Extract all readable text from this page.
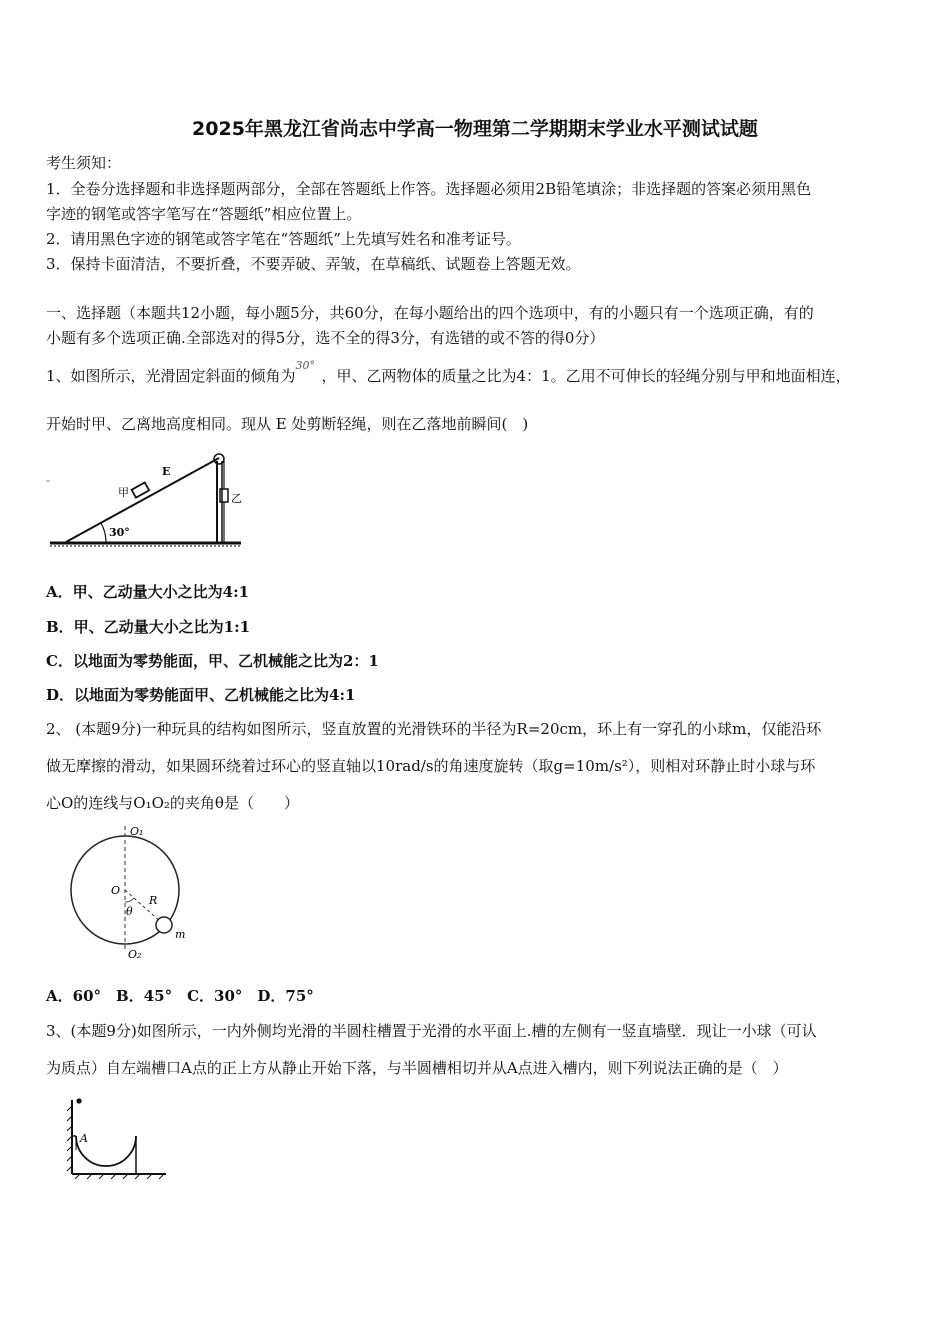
2025年黑龙江省尚志中学高一物理第二学期期末学业水平测试试题
考生须知：
1．全卷分选择题和非选择题两部分，全部在答题纸上作答。选择题必须用2B铅笔填涂；非选择题的答案必须用黑色
字迹的钢笔或答字笔写在“答题纸”相应位置上。
2．请用黑色字迹的钢笔或答字笔在“答题纸”上先填写姓名和准考证号。
3．保持卡面清洁，不要折叠，不要弄破、弄皱，在草稿纸、试题卷上答题无效。
一、选择题（本题共12小题，每小题5分，共60分，在每小题给出的四个选项中，有的小题只有一个选项正确，有的
小题有多个选项正确.全部选对的得5分，选不全的得3分，有选错的或不答的得0分）
1、如图所示，光滑固定斜面的倾角为30°，甲、乙两物体的质量之比为4：1。乙用不可伸长的轻绳分别与甲和地面相连，
开始时甲、乙离地高度相同。现从 E 处剪断轻绳，则在乙落地前瞬间(　)
甲
E
乙
30°
A．甲、乙动量大小之比为4:1
B．甲、乙动量大小之比为1:1
C．以地面为零势能面，甲、乙机械能之比为2：1
D．以地面为零势能面甲、乙机械能之比为4:1
2、 (本题9分)一种玩具的结构如图所示，竖直放置的光滑铁环的半径为R=20cm，环上有一穿孔的小球m，仅能沿环
做无摩擦的滑动，如果圆环绕着过环心的竖直轴以10rad/s的角速度旋转（取g=10m/s²），则相对环静止时小球与环
心O的连线与O₁O₂的夹角θ是（　　）
O₁
O
R
θ
m
O₂
A．60°　B．45°　C．30°　D．75°
3、(本题9分)如图所示，一内外侧均光滑的半圆柱槽置于光滑的水平面上.槽的左侧有一竖直墙壁．现让一小球（可认
为质点）自左端槽口A点的正上方从静止开始下落，与半圆槽相切并从A点进入槽内，则下列说法正确的是（　）
A
